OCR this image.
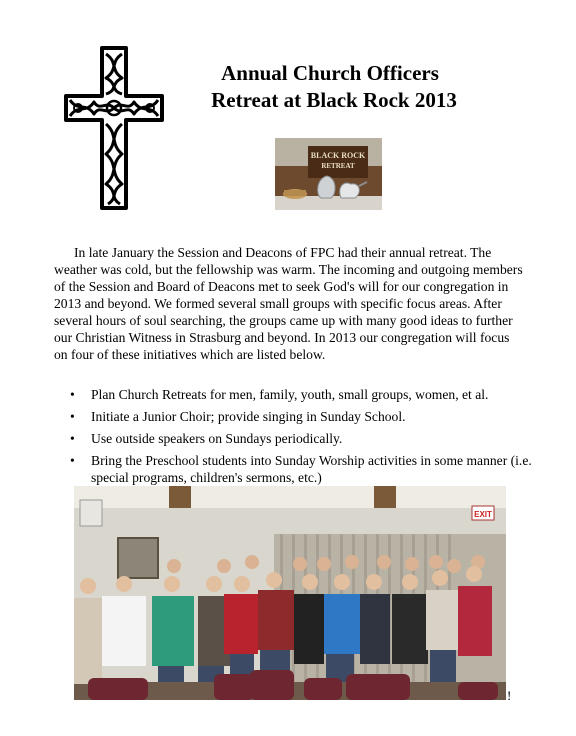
Annual Church Officers

Retreat at Black Rock 2013
BLACK ROCK
RETREAT

In late January the Session and Deacons of FPC had their annual retreat. The weather was cold, but the fellowship was warm. The incoming and outgoing members of the Session and Board of Deacons met to seek God's will for our congregation in 2013 and beyond. We formed several small groups with specific focus areas. After several hours of soul searching, the groups came up with many good ideas to further our Christian Witness in Strasburg and beyond. In 2013 our congregation will focus on four of these initiatives which are listed below.

• Plan Church Retreats for men, family, youth, small groups, women, et al.
• Initiate a Junior Choir; provide singing in Sunday School.
• Use outside speakers on Sundays periodically.
• Bring the Preschool students into Sunday Worship activities in some manner (i.e. special programs, children's sermons, etc.)
EXIT
!
